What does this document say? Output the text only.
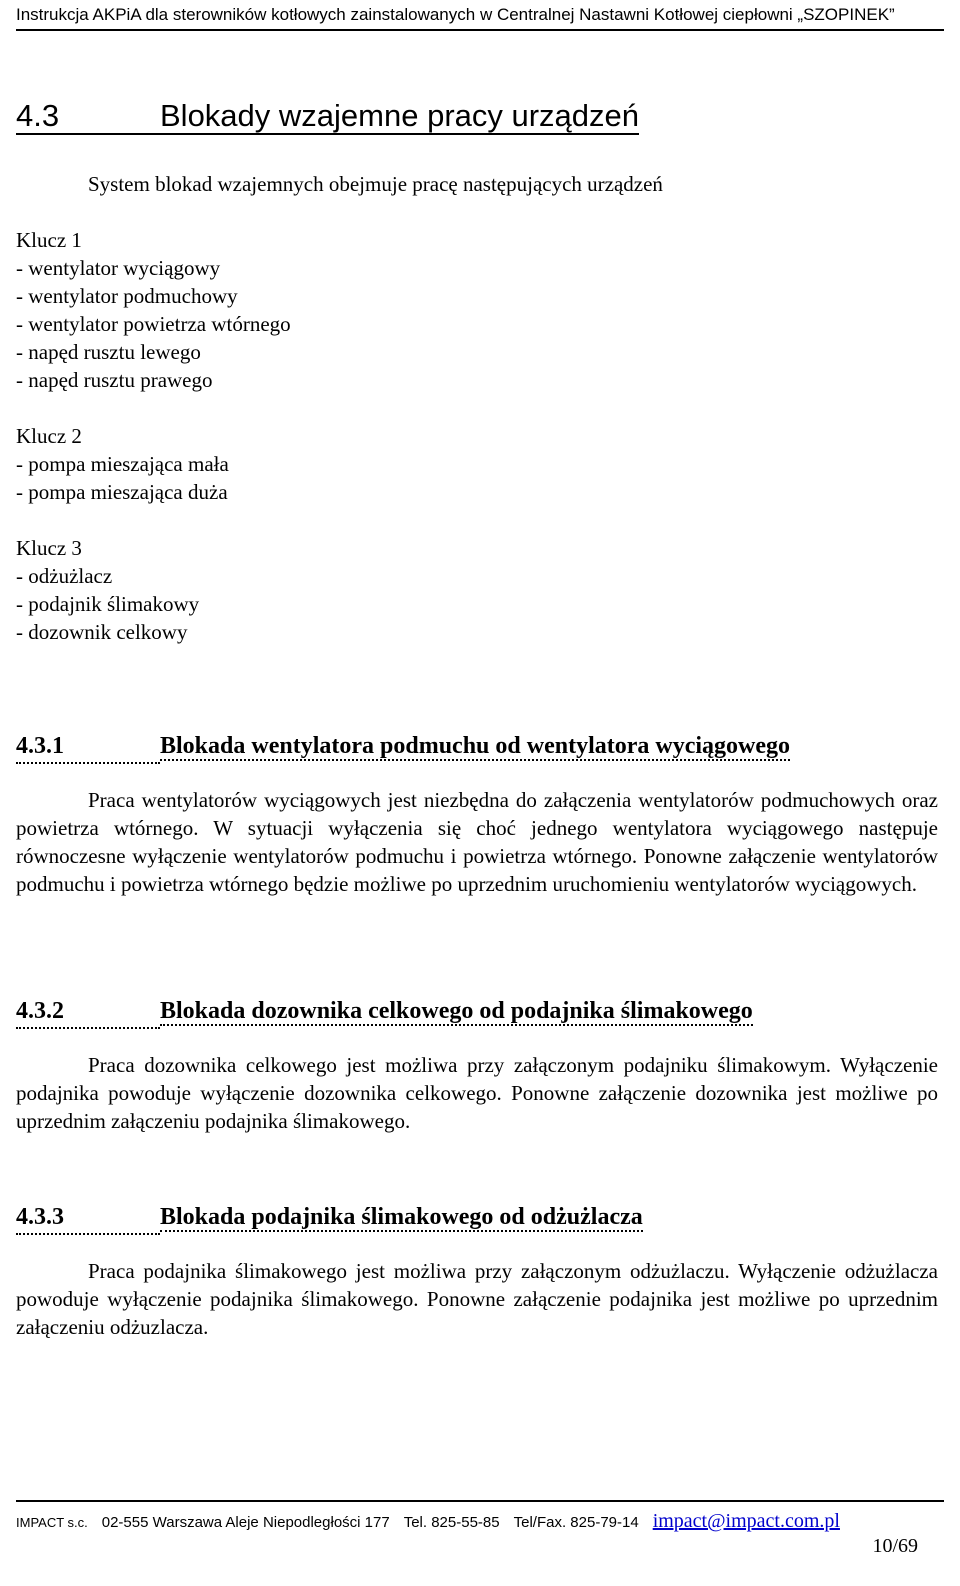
Instrukcja AKPiA dla sterowników kotłowych zainstalowanych w Centralnej Nastawni Kotłowej ciepłowni „SZOPINEK”
4.3	Blokady wzajemne pracy urządzeń
System blokad wzajemnych obejmuje pracę następujących urządzeń
Klucz 1
- wentylator wyciągowy
- wentylator podmuchowy
- wentylator powietrza wtórnego
- napęd rusztu lewego
- napęd rusztu prawego
Klucz 2
- pompa mieszająca mała
- pompa mieszająca duża
Klucz 3
- odżużlacz
- podajnik ślimakowy
- dozownik celkowy
4.3.1	Blokada wentylatora podmuchu od wentylatora wyciągowego
Praca wentylatorów wyciągowych jest niezbędna do załączenia wentylatorów podmuchowych oraz powietrza wtórnego. W sytuacji wyłączenia się choć jednego wentylatora wyciągowego następuje równoczesne wyłączenie wentylatorów podmuchu i powietrza wtórnego. Ponowne załączenie wentylatorów podmuchu i powietrza wtórnego będzie możliwe po uprzednim uruchomieniu wentylatorów wyciągowych.
4.3.2	Blokada dozownika celkowego od podajnika ślimakowego
Praca dozownika celkowego jest możliwa przy załączonym podajniku ślimakowym. Wyłączenie podajnika powoduje wyłączenie dozownika celkowego. Ponowne załączenie dozownika jest możliwe po uprzednim załączeniu podajnika ślimakowego.
4.3.3	Blokada podajnika ślimakowego od odżużlacza
Praca podajnika ślimakowego jest możliwa przy załączonym odżużlaczu. Wyłączenie odżużlacza powoduje wyłączenie podajnika ślimakowego. Ponowne załączenie podajnika jest możliwe po uprzednim załączeniu odżuzlacza.
IMPACT s.c. 02-555 Warszawa Aleje Niepodległości 177 Tel. 825-55-85 Tel/Fax. 825-79-14 impact@impact.com.pl
10/69
